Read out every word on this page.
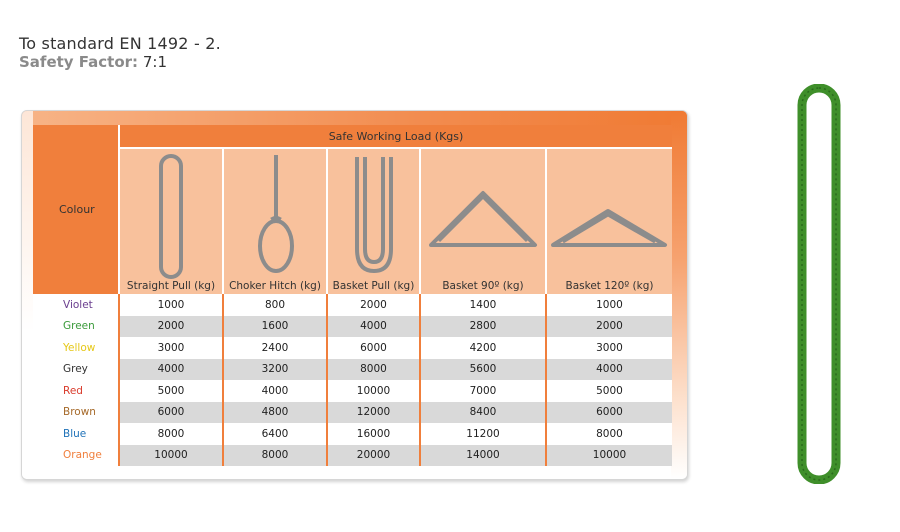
To standard EN 1492 - 2.
Safety Factor: 7:1
Colour	Safe Working Load (Kgs)				

	Straight Pull (kg)	Choker Hitch (kg)	Basket Pull (kg)	Basket 90º (kg)	Basket 120º (kg)

Violet	1000	800	2000	1400	1000
Green	2000	1600	4000	2800	2000
Yellow	3000	2400	6000	4200	3000
Grey	4000	3200	8000	5600	4000
Red	5000	4000	10000	7000	5000
Brown	6000	4800	12000	8400	6000
Blue	8000	6400	16000	11200	8000
Orange	10000	8000	20000	14000	10000
